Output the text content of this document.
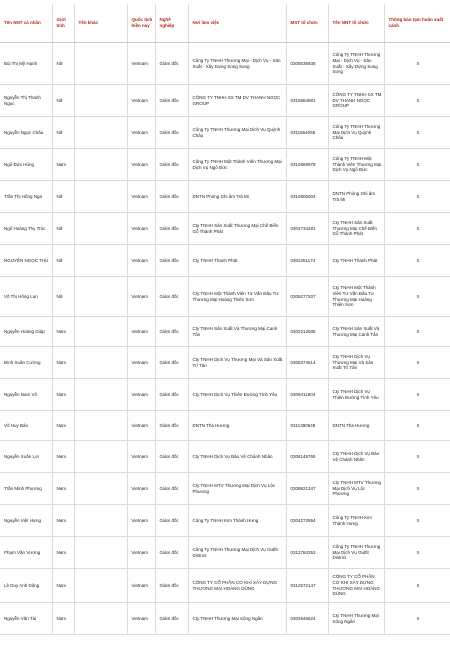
Tên NNT cá nhân	Giới tính	Tên khác	Quốc tịch hiện nay	Nghề nghiệp	Nơi làm việc	MST tổ chức	Tên NNT tổ chức	Thông báo tạm hoãn xuất cảnh
Bùi Thị Mỹ Hạnh	Nữ		Vietnam	Giám đốc	Công Ty TNHH Thương Mại - Dịch Vụ - Sản Xuất - Xây Dựng Song Song	0305535938	Công Ty TNHH Thương Mại - Dịch Vụ - Sản Xuất - Xây Dựng Song Song	X
Nguyễn Thị Thanh Ngọc	Nữ		Vietnam	Giám đốc	CÔNG TY TNHH SX TM DV THANH NGỌC GROUP	0315984881	CÔNG TY TNHH SX TM DV THANH NGỌC GROUP	X
Nguyễn Ngọc Châu	Nữ		Vietnam	Giám đốc	Công Ty TNHH Thương Mại Dịch Vụ Quỳnh Châu	0311564055	Công Ty TNHH Thương Mại Dịch Vụ Quỳnh Châu	X
Ngô Đức Hùng	Nam		Vietnam	Giám đốc	Công Ty TNHH Một Thành Viên Thương Mại Dịch Vụ Ngô Đức	0310869979	Công Ty TNHH Một Thành Viên Thương Mại Dịch Vụ Ngô Đức	X
Trần Thị Hồng Nga	Nữ		Vietnam	Giám đốc	DNTN Phòng Ghi âm Trà Mi	0310805004	DNTN Phòng Ghi âm Trà Mi	X
Ngô Hoàng Thy Trúc	Nữ		Vietnam	Giám đốc	Cty TNHH Sản Xuất Thương Mại Chế Biến Gỗ Thành Phát	0304734281	Cty TNHH Sản Xuất Thương Mại Chế Biến Gỗ Thành Phát	X
NGUYỄN NGỌC THU	Nữ		Vietnam	Giám đốc	Cty TNHH Thanh Phát	0302261174	Cty TNHH Thanh Phát	X
Võ Thị Hồng Lan	Nữ		Vietnam	Giám đốc	Cty TNHH Một Thành Viên Tư Vấn Đầu Tư Thương Mại Hoàng Thiên Sơn	0305277207	Cty TNHH Một Thành Viên Tư Vấn Đầu Tư Thương Mại Hoàng Thiên Sơn	X
Nguyễn Hoàng Giáp	Nam		Vietnam	Giám đốc	Cty TNHH Sản Xuất Và Thương Mại Canh Tân	0302212508	Cty TNHH Sản Xuất Và Thương Mại Canh Tân	X
Đinh Xuân Cường	Nam		Vietnam	Giám đốc	Cty TNHH Dịch Vụ Thương Mại Và Sản Xuất Trí Tân	0305374514	Cty TNHH Dịch Vụ Thương Mại Và Sản Xuất Trí Tân	X
Nguyễn Nam Võ	Nam		Vietnam	Giám đốc	Cty TNHH Dịch Vụ Thiên Đường Tình Yêu	0309411904	Cty TNHH Dịch Vụ Thiên Đường Tình Yêu	X
Võ Huy Bảo	Nam		Vietnam	Giám đốc	DNTN Tha Hương	0311390948	DNTN Tha Hương	X
Nguyễn Xuân Lợi	Nam		Vietnam	Giám đốc	Cty TNHH Dịch Vụ Bảo Vệ Chánh Nhân	0306148765	Cty TNHH Dịch Vụ Bảo Vệ Chánh Nhân	X
Trần Minh Phương	Nam		Vietnam	Giám đốc	Cty TNHH MTV Thương Mại Dịch Vụ Lộc Phương	0309821347	Cty TNHH MTV Thương Mại Dịch Vụ Lộc Phương	X
Nguyễn Việt Hưng	Nam		Vietnam	Giám đốc	Công Ty TNHH Kim Thành Hưng	0304273954	Công Ty TNHH Kim Thành Hưng	X
Phạm Văn Vương	Nam		Vietnam	Giám đốc	Công Ty TNHH Thương Mại Dịch Vụ Outfit District	0312784353	Công Ty TNHH Thương Mại Dịch Vụ Outfit District	X
Lê Duy Anh Dũng	Nam		Vietnam	Giám đốc	CÔNG TY CỔ PHẦN CƠ KHÍ XÂY DỰNG THƯƠNG MẠI HOÀNG DŨNG	0312572147	CÔNG TY CỔ PHẦN CƠ KHÍ XÂY DỰNG THƯƠNG MẠI HOÀNG DŨNG	X
Nguyễn Văn Tài	Nam		Vietnam	Giám đốc	Cty TNHH Thương Mại Sông Ngân	0302846624	Cty TNHH Thương Mại Sông Ngân	X
